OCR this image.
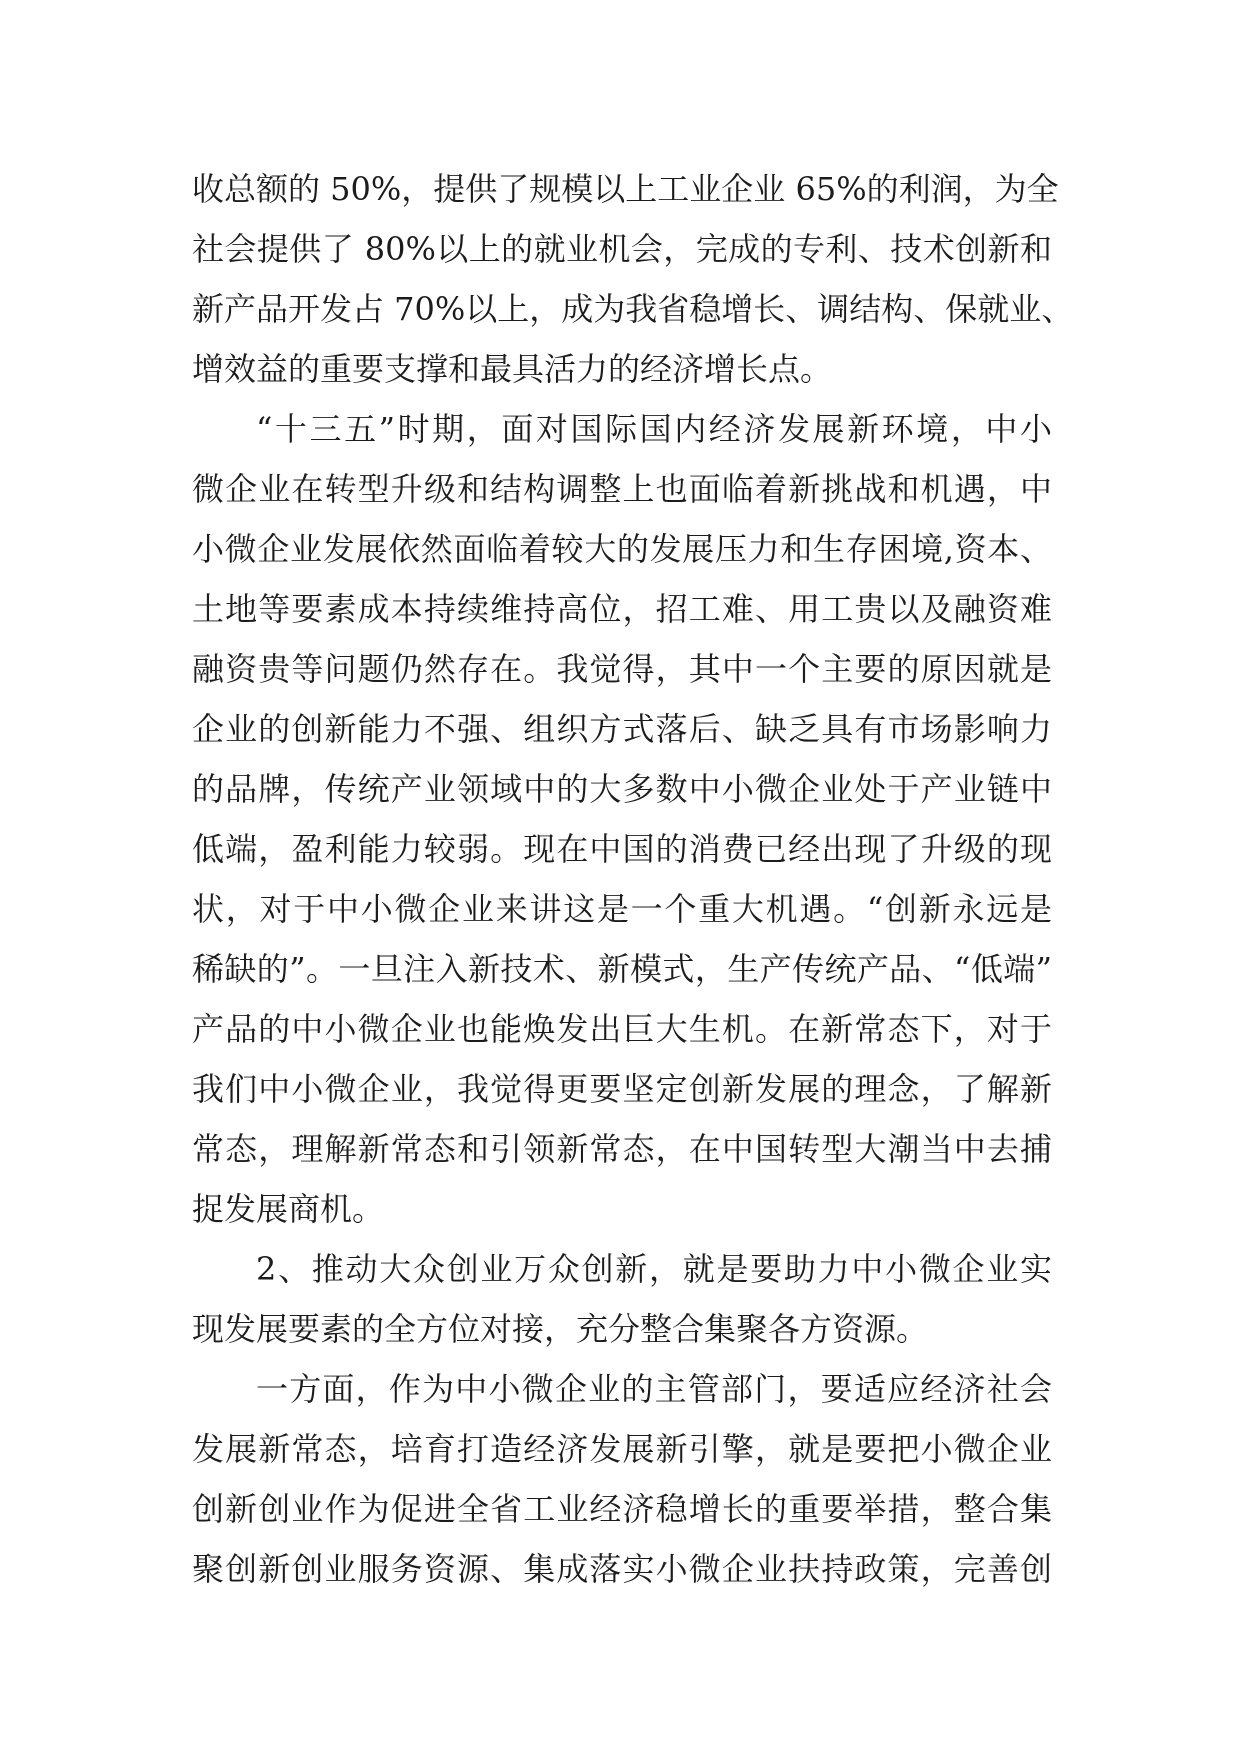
收总额的 50%，提供了规模以上工业企业 65%的利润，为全
社会提供了 80%以上的就业机会，完成的专利、技术创新和
新产品开发占 70%以上，成为我省稳增长、调结构、保就业、
增效益的重要支撑和最具活力的经济增长点。
“十三五”时期，面对国际国内经济发展新环境，中小
微企业在转型升级和结构调整上也面临着新挑战和机遇，中
小微企业发展依然面临着较大的发展压力和生存困境,资本、
土地等要素成本持续维持高位，招工难、用工贵以及融资难
融资贵等问题仍然存在。我觉得，其中一个主要的原因就是
企业的创新能力不强、组织方式落后、缺乏具有市场影响力
的品牌，传统产业领域中的大多数中小微企业处于产业链中
低端，盈利能力较弱。现在中国的消费已经出现了升级的现
状，对于中小微企业来讲这是一个重大机遇。“创新永远是
稀缺的”。一旦注入新技术、新模式，生产传统产品、“低端”
产品的中小微企业也能焕发出巨大生机。在新常态下，对于
我们中小微企业，我觉得更要坚定创新发展的理念，了解新
常态，理解新常态和引领新常态，在中国转型大潮当中去捕
捉发展商机。
2、推动大众创业万众创新，就是要助力中小微企业实
现发展要素的全方位对接，充分整合集聚各方资源。
一方面，作为中小微企业的主管部门，要适应经济社会
发展新常态，培育打造经济发展新引擎，就是要把小微企业
创新创业作为促进全省工业经济稳增长的重要举措，整合集
聚创新创业服务资源、集成落实小微企业扶持政策，完善创
